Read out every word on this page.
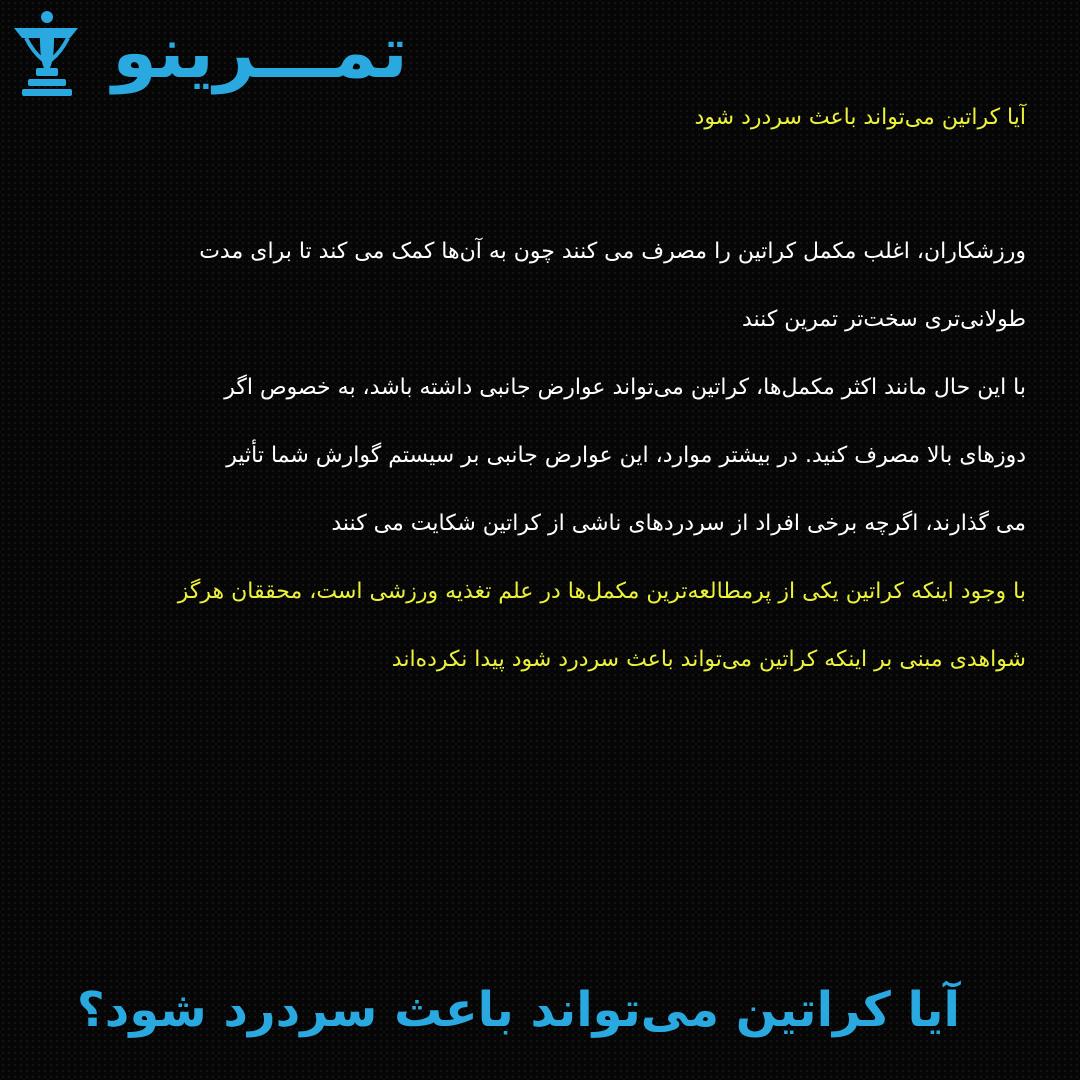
تمـــرینو
آیا کراتین می‌تواند باعث سردرد شود
ورزشکاران، اغلب مکمل کراتین را مصرف می کنند چون به آن‌ها کمک می کند تا برای مدت
طولانی‌تری سخت‌تر تمرین کنند
با این حال مانند اکثر مکمل‌ها، کراتین می‌تواند عوارض جانبی داشته باشد، به خصوص اگر
دوزهای بالا مصرف کنید. در بیشتر موارد، این عوارض جانبی بر سیستم گوارش شما تأثیر
می گذارند، اگرچه برخی افراد از سردردهای ناشی از کراتین شکایت می کنند
با وجود اینکه کراتین یکی از پرمطالعه‌ترین مکمل‌ها در علم تغذیه ورزشی است، محققان هرگز
شواهدی مبنی بر اینکه کراتین می‌تواند باعث سردرد شود پیدا نکرده‌اند
آیا کراتین می‌تواند باعث سردرد شود؟
